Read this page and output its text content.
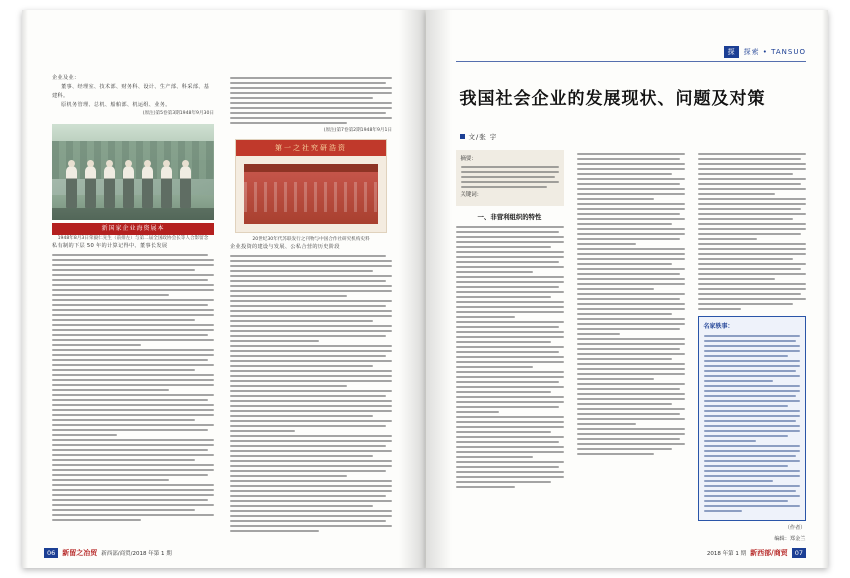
企业及业：
董事、经理室、技术部、财务科、设计、生产部、科采部、基建科。
原机务管理、总机、船舶部、机运组、业务。
(原注)第5卷第3期1948年9月30日
新国家企业海资展本
1948年8月3日荣毅仁先生（前排左）与第二届全国政协会长等人合影留念
私有制的下层 50 年的计算记得中、董事长发展
(原注)第7卷第2期1948年9月1日
第一之社究研浩资
20世纪30年代苏联发行之刊物与中国合作社研究机构史料
企业投资的建设与发展、公私合营的历史阶段
06	新留之冶贸 新西部/商贸/2018 年第 1 期
探	探索 • TANSUO
我国社会企业的发展现状、问题及对策
文/张 宇
摘要：
关键词：
一、非营利组织的特性
名家轶事：
（作者）
编辑：郑金兰
2018 年第 1 期 新西部/商贸	07
